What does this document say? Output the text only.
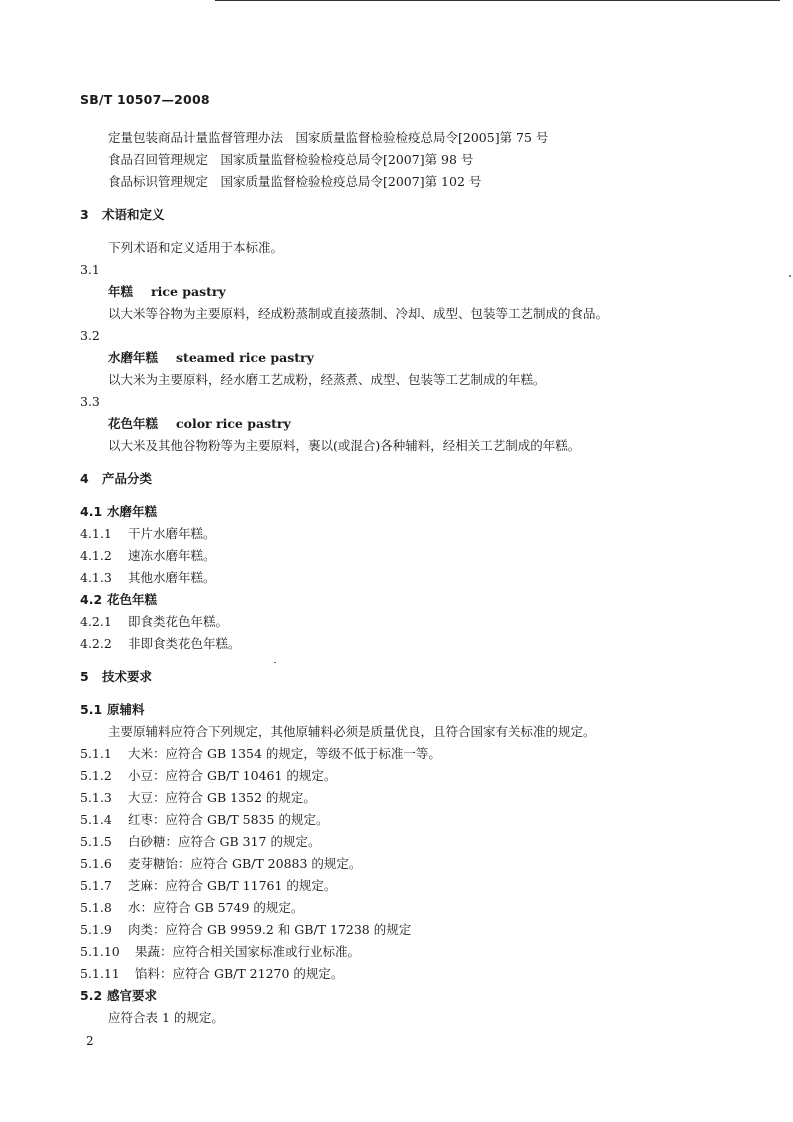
SB/T 10507—2008
定量包装商品计量监督管理办法　国家质量监督检验检疫总局令[2005]第 75 号
食品召回管理规定　国家质量监督检验检疫总局令[2007]第 98 号
食品标识管理规定　国家质量监督检验检疫总局令[2007]第 102 号
3 术语和定义
下列术语和定义适用于本标准。
3.1
年糕 rice pastry
以大米等谷物为主要原料，经成粉蒸制或直接蒸制、冷却、成型、包装等工艺制成的食品。
3.2
水磨年糕 steamed rice pastry
以大米为主要原料，经水磨工艺成粉，经蒸煮、成型、包装等工艺制成的年糕。
3.3
花色年糕 color rice pastry
以大米及其他谷物粉等为主要原料，裹以(或混合)各种辅料，经相关工艺制成的年糕。
4 产品分类
4.1 水磨年糕
4.1.1 干片水磨年糕。
4.1.2 速冻水磨年糕。
4.1.3 其他水磨年糕。
4.2 花色年糕
4.2.1 即食类花色年糕。
4.2.2 非即食类花色年糕。
5 技术要求
5.1 原辅料
主要原辅料应符合下列规定，其他原辅料必须是质量优良，且符合国家有关标准的规定。
5.1.1 大米：应符合 GB 1354 的规定，等级不低于标准一等。
5.1.2 小豆：应符合 GB/T 10461 的规定。
5.1.3 大豆：应符合 GB 1352 的规定。
5.1.4 红枣：应符合 GB/T 5835 的规定。
5.1.5 白砂糖：应符合 GB 317 的规定。
5.1.6 麦芽糖饴：应符合 GB/T 20883 的规定。
5.1.7 芝麻：应符合 GB/T 11761 的规定。
5.1.8 水：应符合 GB 5749 的规定。
5.1.9 肉类：应符合 GB 9959.2 和 GB/T 17238 的规定
5.1.10 果蔬：应符合相关国家标准或行业标准。
5.1.11 馅料：应符合 GB/T 21270 的规定。
5.2 感官要求
应符合表 1 的规定。
2
